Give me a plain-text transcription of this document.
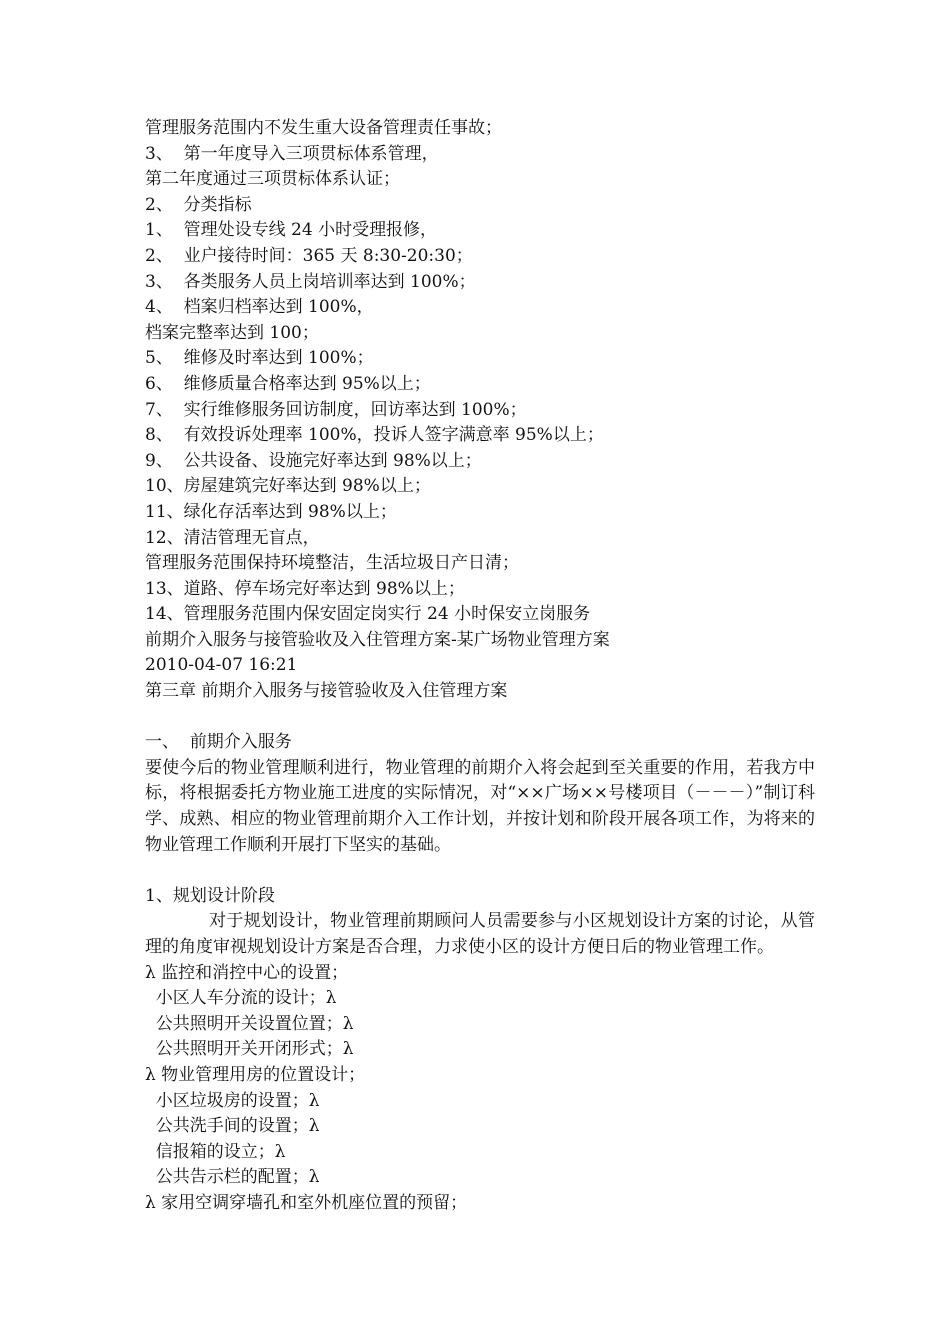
管理服务范围内不发生重大设备管理责任事故；
3、  第一年度导入三项贯标体系管理，
第二年度通过三项贯标体系认证；
2、  分类指标
1、  管理处设专线 24 小时受理报修，
2、  业户接待时间：365 天 8:30-20:30；
3、  各类服务人员上岗培训率达到 100%；
4、  档案归档率达到 100%，
档案完整率达到 100；
5、  维修及时率达到 100%；
6、  维修质量合格率达到 95%以上；
7、  实行维修服务回访制度，回访率达到 100%；
8、  有效投诉处理率 100%，投诉人签字满意率 95%以上；
9、  公共设备、设施完好率达到 98%以上；
10、房屋建筑完好率达到 98%以上；
11、绿化存活率达到 98%以上；
12、清洁管理无盲点，
管理服务范围保持环境整洁，生活垃圾日产日清；
13、道路、停车场完好率达到 98%以上；
14、管理服务范围内保安固定岗实行 24 小时保安立岗服务
前期介入服务与接管验收及入住管理方案-某广场物业管理方案
2010-04-07 16:21
第三章 前期介入服务与接管验收及入住管理方案
一、  前期介入服务
要使今后的物业管理顺利进行，物业管理的前期介入将会起到至关重要的作用，若我方中标，将根据委托方物业施工进度的实际情况，对“××广场××号楼项目（－－－）”制订科学、成熟、相应的物业管理前期介入工作计划，并按计划和阶段开展各项工作，为将来的物业管理工作顺利开展打下坚实的基础。
1、规划设计阶段
对于规划设计，物业管理前期顾问人员需要参与小区规划设计方案的讨论，从管理的角度审视规划设计方案是否合理，力求使小区的设计方便日后的物业管理工作。
λ 监控和消控中心的设置；
小区人车分流的设计；λ
公共照明开关设置位置；λ
公共照明开关开闭形式；λ
λ 物业管理用房的位置设计；
小区垃圾房的设置；λ
公共洗手间的设置；λ
信报箱的设立；λ
公共告示栏的配置；λ
λ 家用空调穿墙孔和室外机座位置的预留；
